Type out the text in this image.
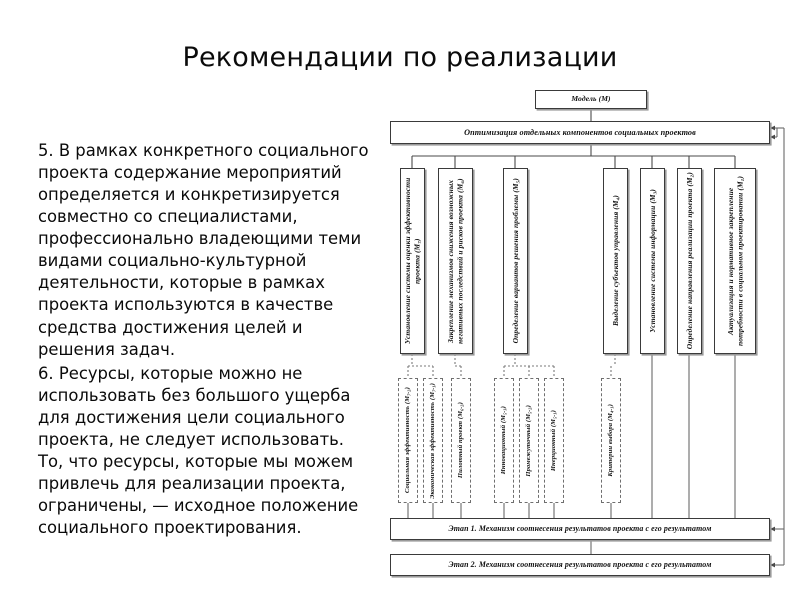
Рекомендации по реализации

5. В рамках конкретного социального проекта содержание мероприятий определяется и конкретизируется совместно со специалистами, профессионально владеющими теми видами социально-культурной деятельности, которые в рамках проекта используются в качестве средства достижения целей и решения задач.

6. Ресурсы, которые можно не использовать без большого ущерба для достижения цели социального проекта, не следует использовать. То, что ресурсы, которые мы можем привлечь для реализации проекта, ограничены, — исходное положение социального проектирования.

Модель (М)
Оптимизация отдельных компонентов социальных проектов
Установление системы оценки эффективности проекта (М₇)	Закрепление механизмов снижения возможных негативных последствий и рисков проекта (М₆)	Определение вариантов решения проблемы (М₅)	Выделение субъектов управления (М₄)	Установление системы информации (М₃)	Определение направления реализации проекта (М₂)	Актуализация и нормативное закрепление потребности в социальном проектировании (М₁)
Социальная эффективность (М₇.₂)	Экономическая эффективность (М₇.₁)	Пилотный проект (М₆.₂)	Инновационный (М₅.₃)	Промежуточный (М₅.₂)	Инерционный (М₅.₁)	Критерии выбора (М₄.₁)
Этап 1. Механизм соотнесения результатов проекта с его результатом
Этап 2. Механизм соотнесения результатов проекта с его результатом
